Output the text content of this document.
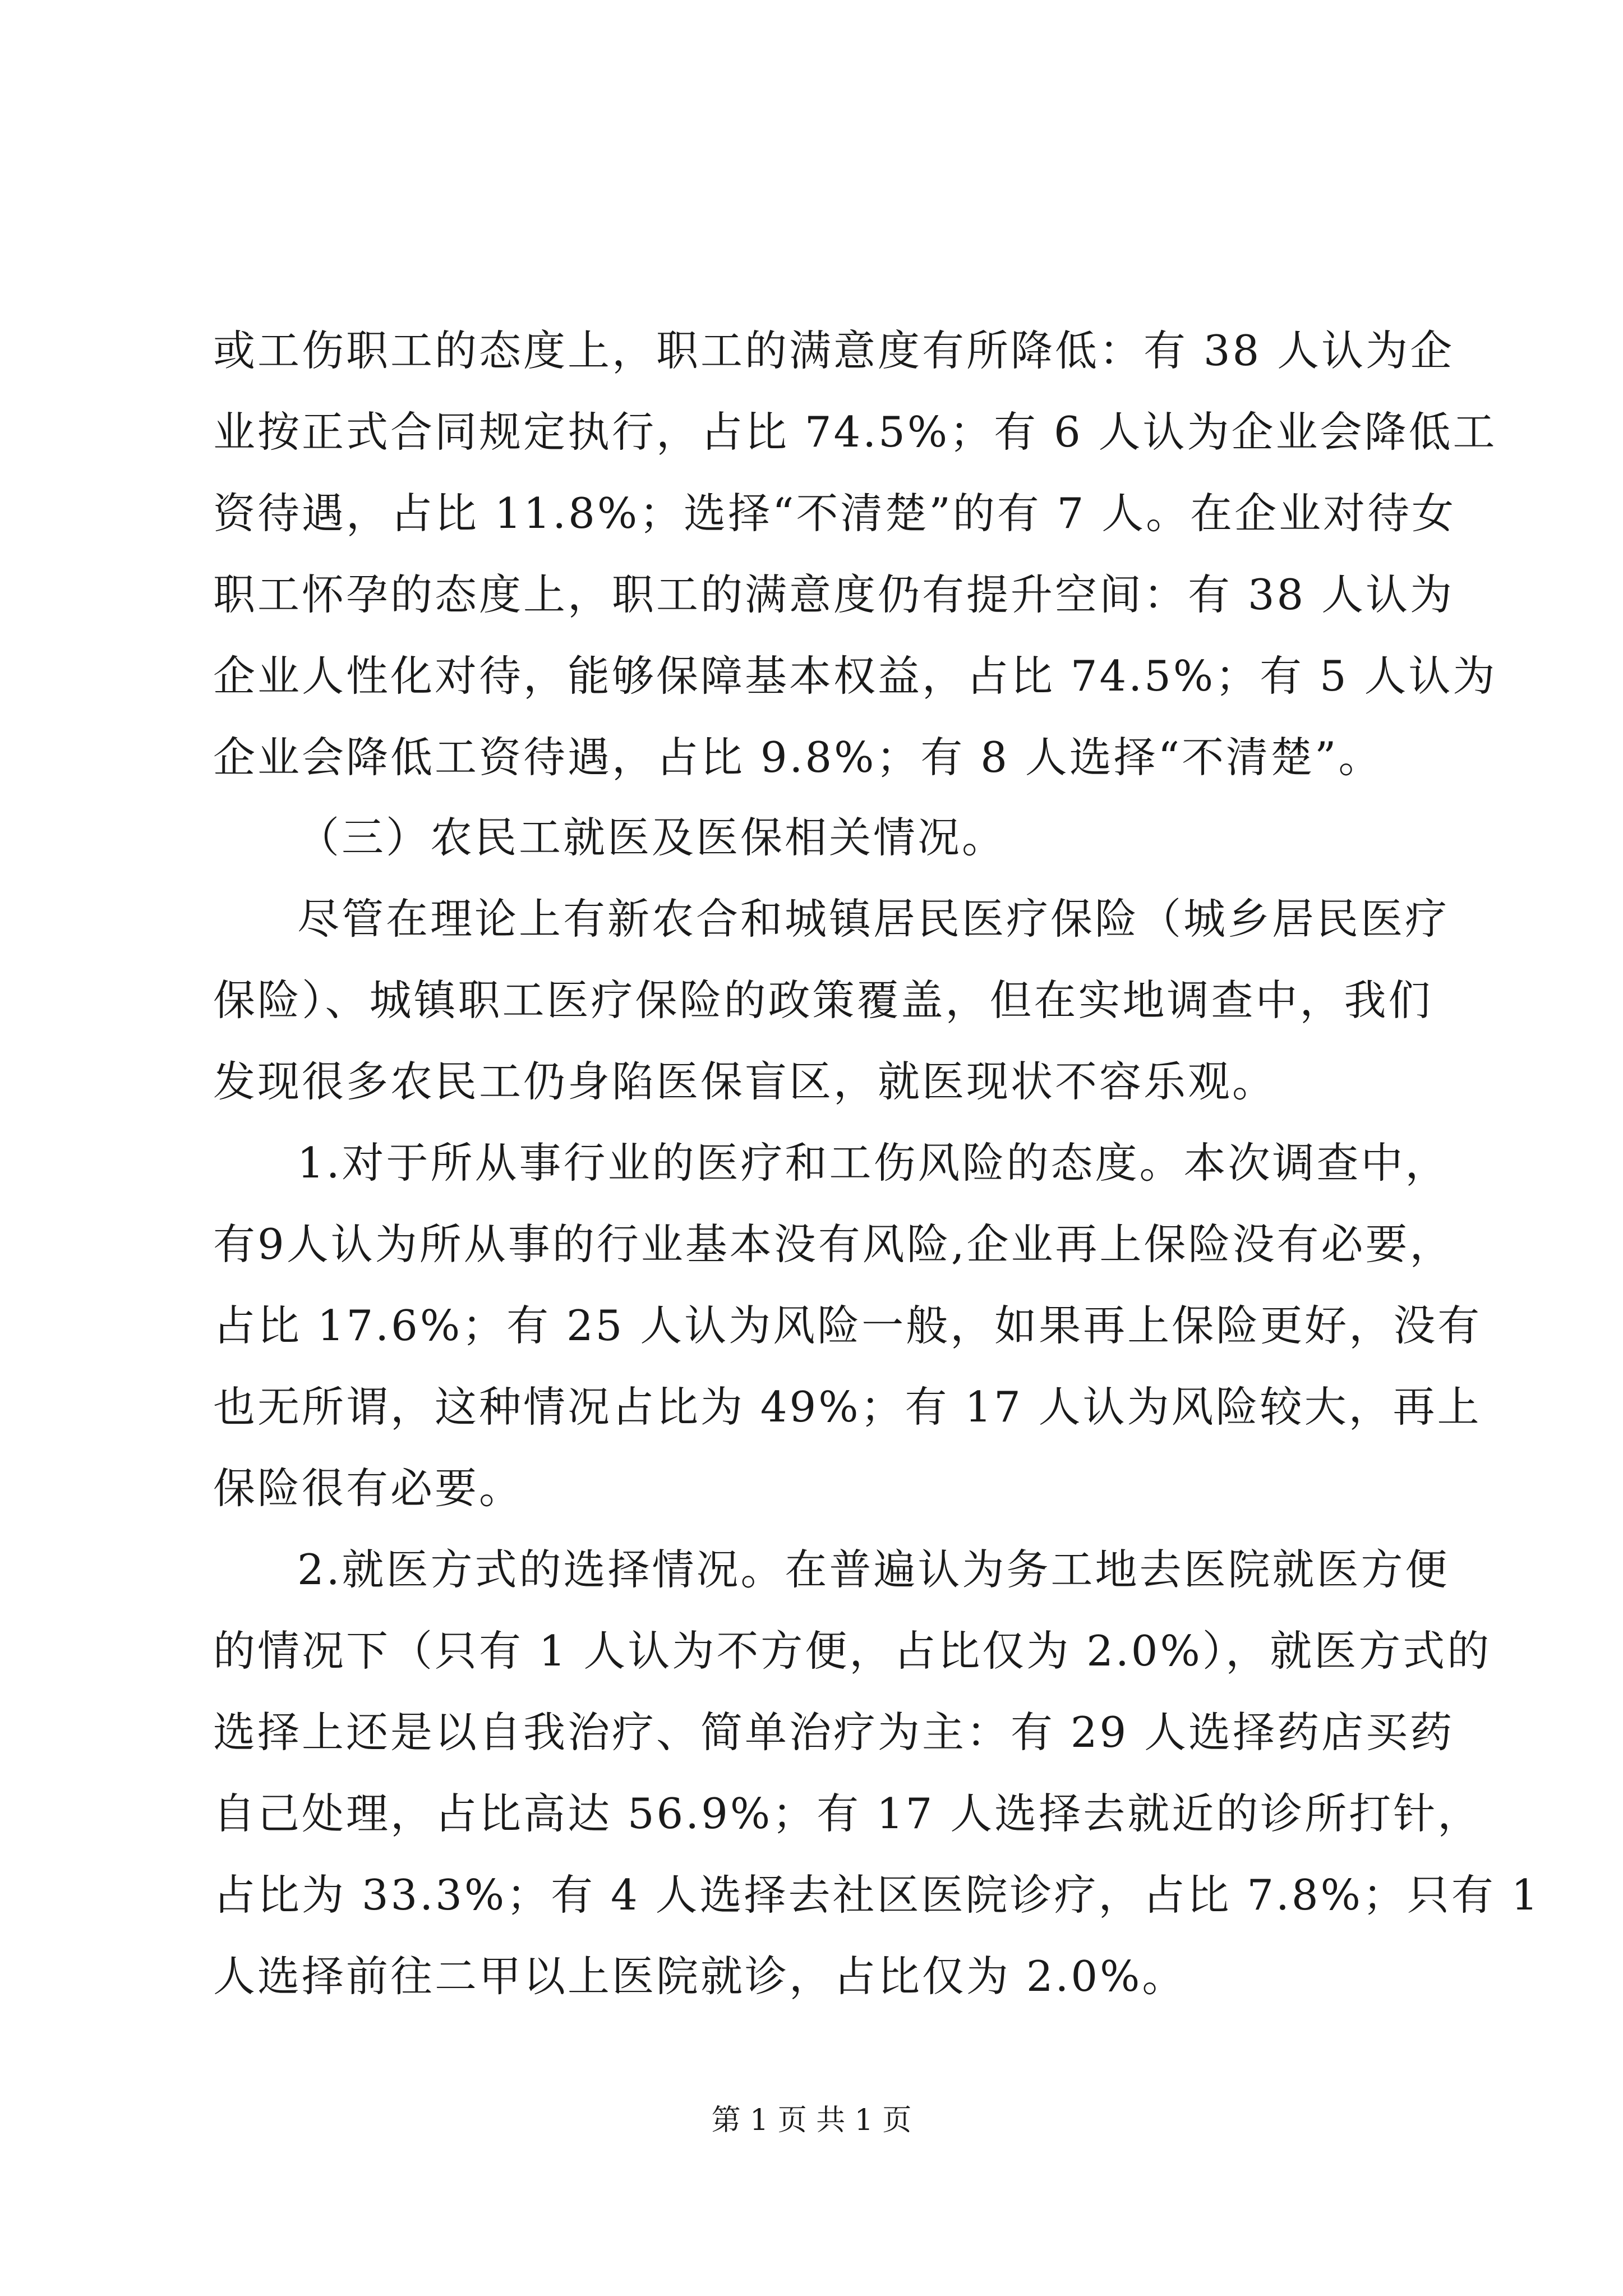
或工伤职工的态度上，职工的满意度有所降低：有 38 人认为企
业按正式合同规定执行，占比 74.5%；有 6 人认为企业会降低工
资待遇，占比 11.8%；选择“不清楚”的有 7 人。在企业对待女
职工怀孕的态度上，职工的满意度仍有提升空间：有 38 人认为
企业人性化对待，能够保障基本权益，占比 74.5%；有 5 人认为
企业会降低工资待遇，占比 9.8%；有 8 人选择“不清楚”。
（三）农民工就医及医保相关情况。
尽管在理论上有新农合和城镇居民医疗保险（城乡居民医疗
保险）、城镇职工医疗保险的政策覆盖，但在实地调查中，我们
发现很多农民工仍身陷医保盲区，就医现状不容乐观。
1.对于所从事行业的医疗和工伤风险的态度。本次调查中，
有9人认为所从事的行业基本没有风险,企业再上保险没有必要，
占比 17.6%；有 25 人认为风险一般，如果再上保险更好，没有
也无所谓，这种情况占比为 49%；有 17 人认为风险较大，再上
保险很有必要。
2.就医方式的选择情况。在普遍认为务工地去医院就医方便
的情况下（只有 1 人认为不方便，占比仅为 2.0%），就医方式的
选择上还是以自我治疗、简单治疗为主：有 29 人选择药店买药
自己处理，占比高达 56.9%；有 17 人选择去就近的诊所打针，
占比为 33.3%；有 4 人选择去社区医院诊疗，占比 7.8%；只有 1
人选择前往二甲以上医院就诊，占比仅为 2.0%。
第 1 页 共 1 页
